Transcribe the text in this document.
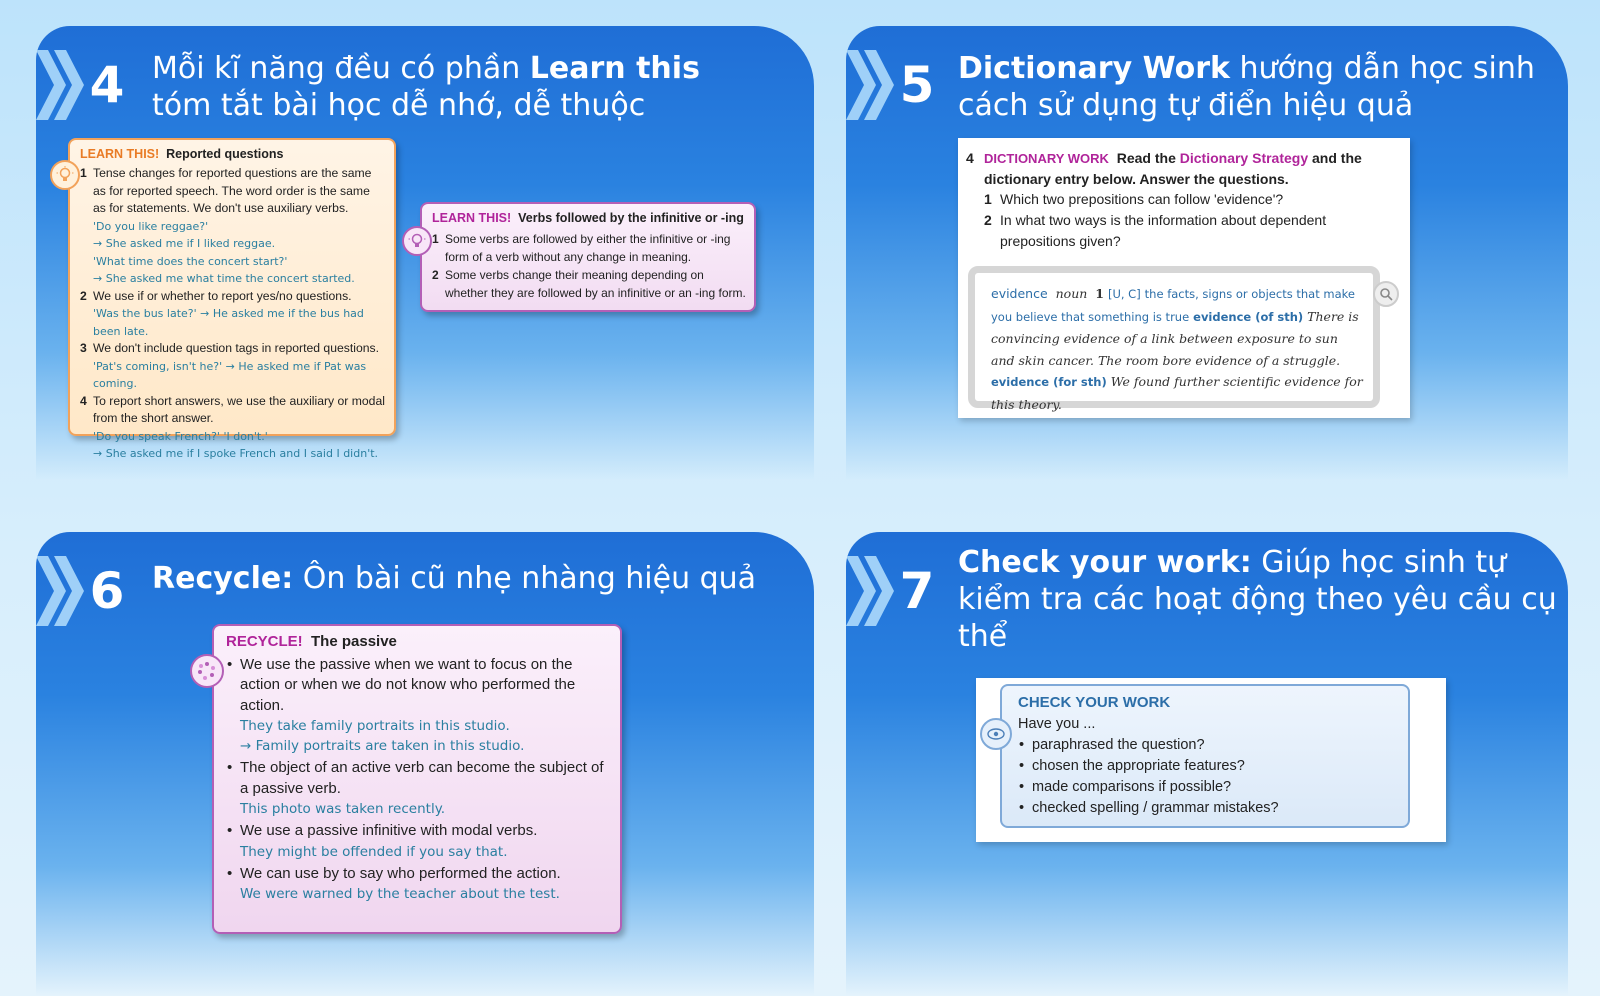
4 Mỗi kĩ năng đều có phần Learn this tóm tắt bài học dễ nhớ, dễ thuộc
LEARN THIS! Reported questions
1 Tense changes for reported questions are the same as for reported speech. The word order is the same as for statements. We don't use auxiliary verbs.
'Do you like reggae?'
→ She asked me if I liked reggae.
'What time does the concert start?'
→ She asked me what time the concert started.
2 We use if or whether to report yes/no questions.
'Was the bus late?' → He asked me if the bus had been late.
3 We don't include question tags in reported questions.
'Pat's coming, isn't he?' → He asked me if Pat was coming.
4 To report short answers, we use the auxiliary or modal from the short answer.
'Do you speak French?' 'I don't.'
→ She asked me if I spoke French and I said I didn't.
LEARN THIS! Verbs followed by the infinitive or -ing
1 Some verbs are followed by either the infinitive or -ing form of a verb without any change in meaning.
2 Some verbs change their meaning depending on whether they are followed by an infinitive or an -ing form.
5 Dictionary Work hướng dẫn học sinh cách sử dụng tự điển hiệu quả
4 DICTIONARY WORK Read the Dictionary Strategy and the dictionary entry below. Answer the questions.
1 Which two prepositions can follow 'evidence'?
2 In what two ways is the information about dependent prepositions given?
evidence noun 1 [U, C] the facts, signs or objects that make you believe that something is true evidence (of sth) There is convincing evidence of a link between exposure to sun and skin cancer. The room bore evidence of a struggle. evidence (for sth) We found further scientific evidence for this theory.
6 Recycle: Ôn bài cũ nhẹ nhàng hiệu quả
RECYCLE! The passive
• We use the passive when we want to focus on the action or when we do not know who performed the action.
They take family portraits in this studio.
→ Family portraits are taken in this studio.
• The object of an active verb can become the subject of a passive verb.
This photo was taken recently.
• We use a passive infinitive with modal verbs.
They might be offended if you say that.
• We can use by to say who performed the action.
We were warned by the teacher about the test.
7 Check your work: Giúp học sinh tự kiểm tra các hoạt động theo yêu cầu cụ thể
CHECK YOUR WORK
Have you ...
• paraphrased the question?
• chosen the appropriate features?
• made comparisons if possible?
• checked spelling / grammar mistakes?
